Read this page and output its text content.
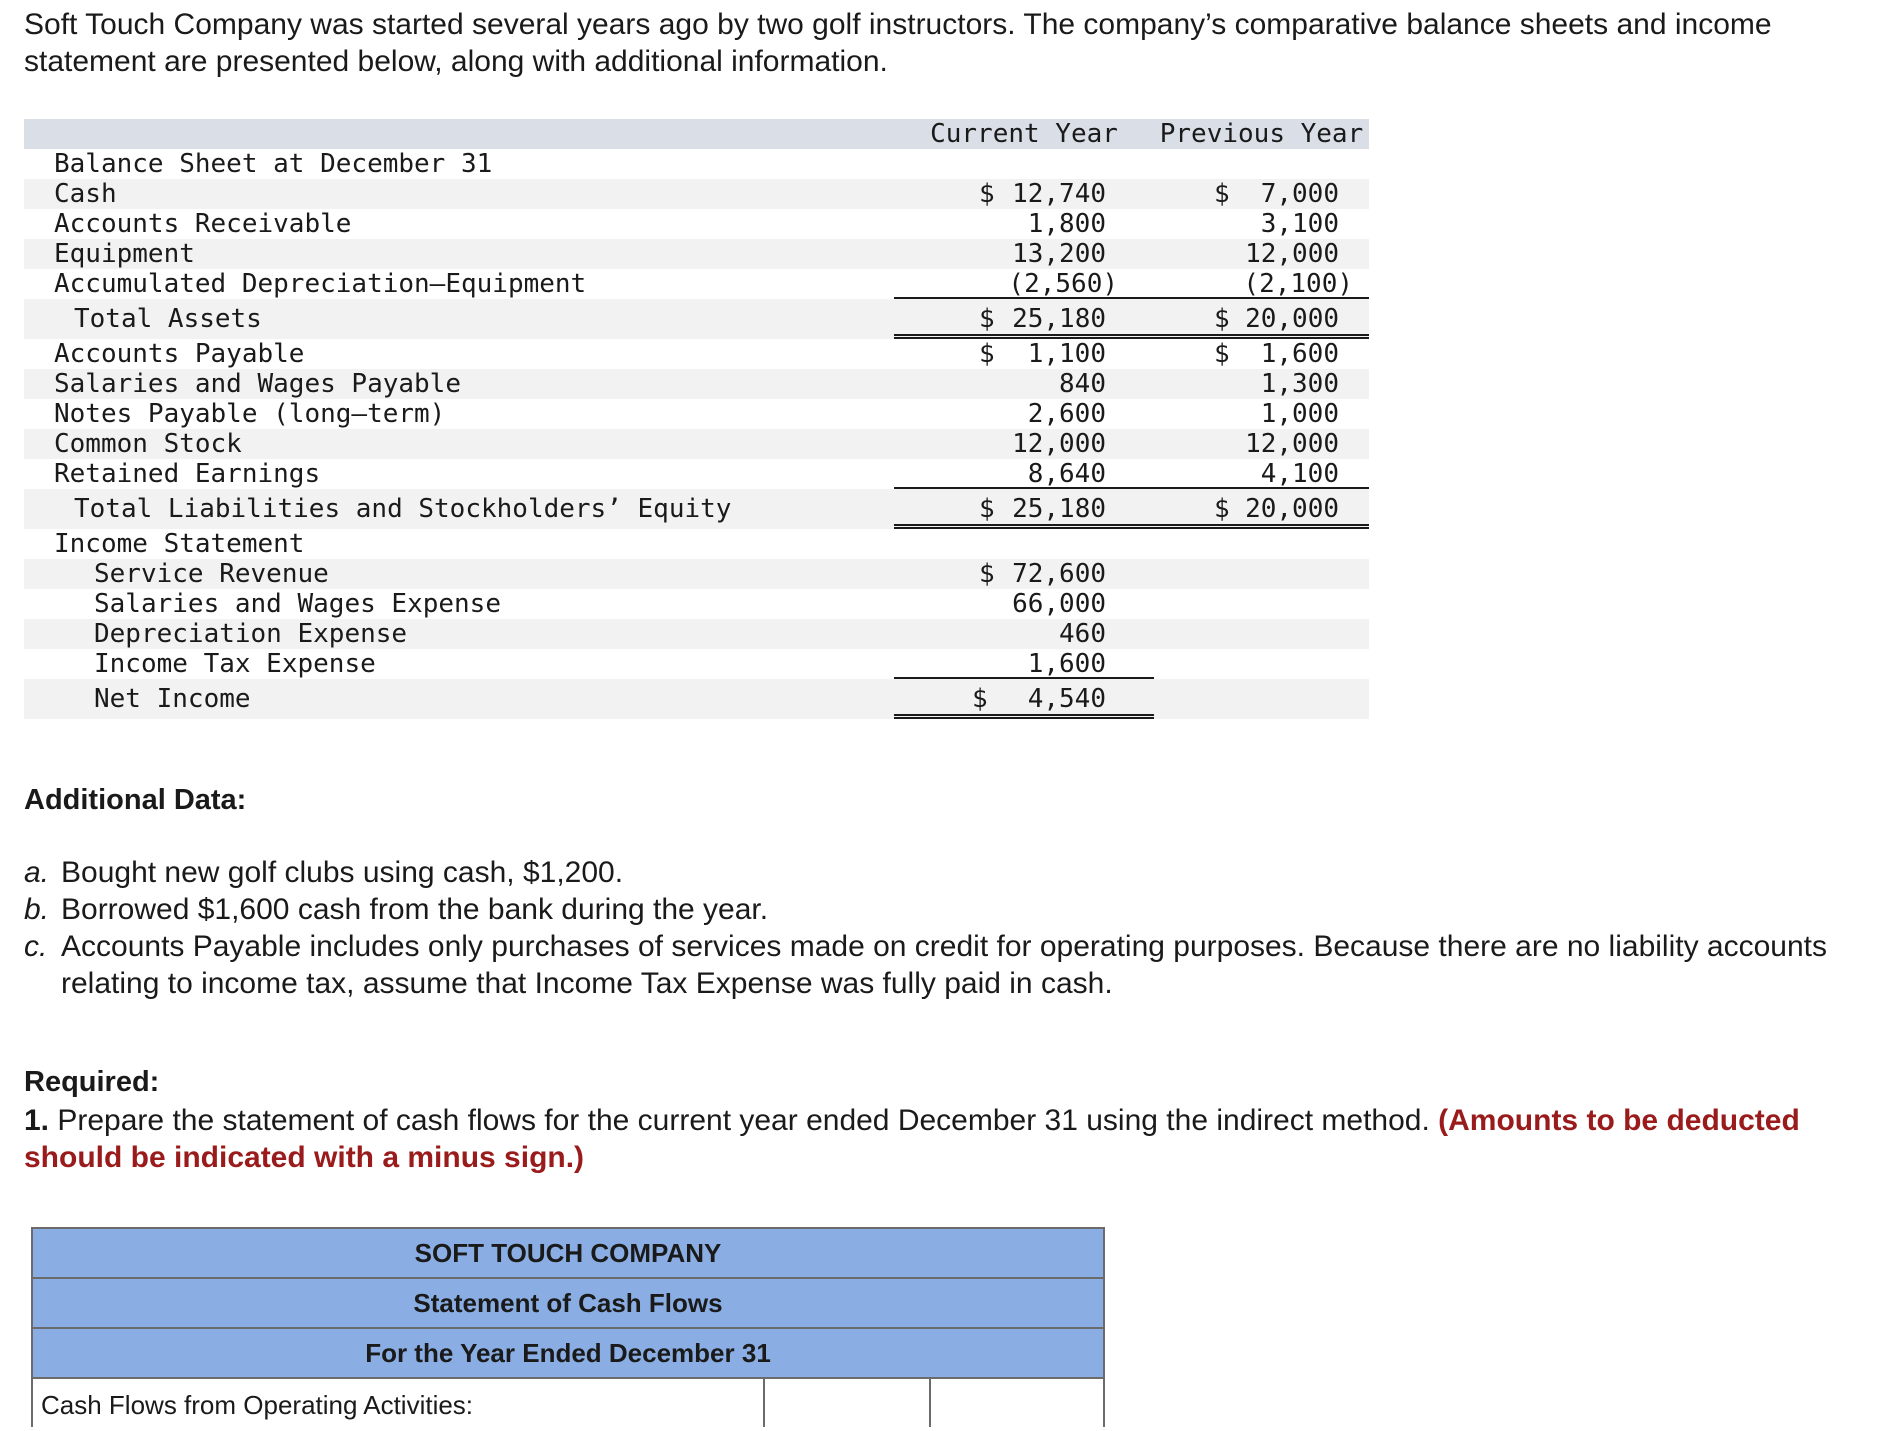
Soft Touch Company was started several years ago by two golf instructors. The company’s comparative balance sheets and income statement are presented below, along with additional information.

Current Year	Previous Year
Balance Sheet at December 31
Cash	$ 12,740	$ 7,000
Accounts Receivable	1,800	3,100
Equipment	13,200	12,000
Accumulated Depreciation—Equipment	(2,560)	(2,100)
Total Assets	$ 25,180	$ 20,000
Accounts Payable	$ 1,100	$ 1,600
Salaries and Wages Payable	840	1,300
Notes Payable (long–term)	2,600	1,000
Common Stock	12,000	12,000
Retained Earnings	8,640	4,100
Total Liabilities and Stockholders’ Equity	$ 25,180	$ 20,000
Income Statement
Service Revenue	$ 72,600
Salaries and Wages Expense	66,000
Depreciation Expense	460
Income Tax Expense	1,600
Net Income	$ 4,540

Additional Data:

a. Bought new golf clubs using cash, $1,200.
b. Borrowed $1,600 cash from the bank during the year.
c. Accounts Payable includes only purchases of services made on credit for operating purposes. Because there are no liability accounts relating to income tax, assume that Income Tax Expense was fully paid in cash.

Required:

1. Prepare the statement of cash flows for the current year ended December 31 using the indirect method. (Amounts to be deducted should be indicated with a minus sign.)

SOFT TOUCH COMPANY
Statement of Cash Flows
For the Year Ended December 31
Cash Flows from Operating Activities:
